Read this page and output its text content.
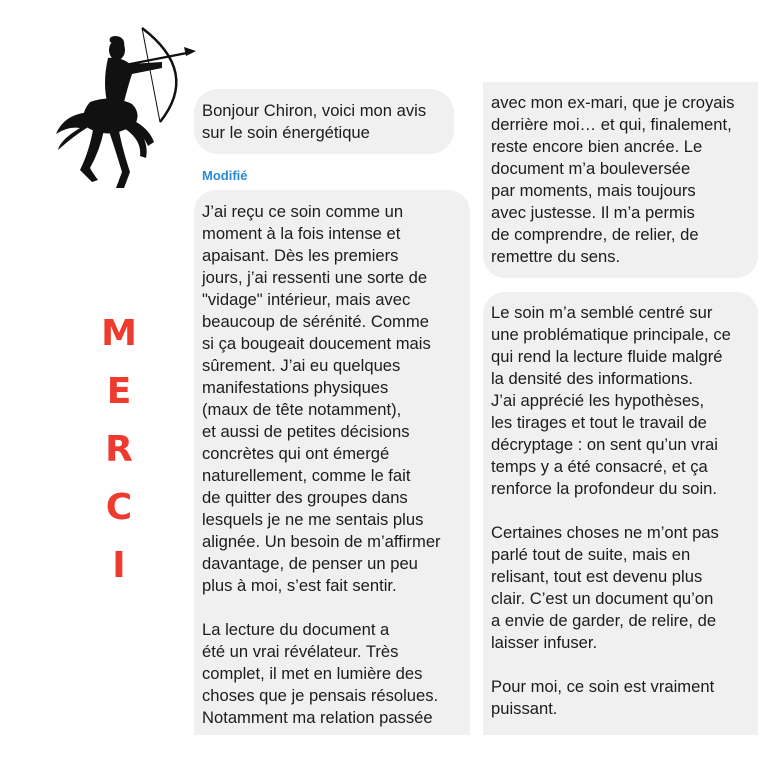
M
E
R
C
I

Bonjour Chiron, voici mon avis
sur le soin énergétique

Modifié

J’ai reçu ce soin comme un
moment à la fois intense et
apaisant. Dès les premiers
jours, j’ai ressenti une sorte de
"vidage" intérieur, mais avec
beaucoup de sérénité. Comme
si ça bougeait doucement mais
sûrement. J’ai eu quelques
manifestations physiques
(maux de tête notamment),
et aussi de petites décisions
concrètes qui ont émergé
naturellement, comme le fait
de quitter des groupes dans
lesquels je ne me sentais plus
alignée. Un besoin de m’affirmer
davantage, de penser un peu
plus à moi, s’est fait sentir.

La lecture du document a
été un vrai révélateur. Très
complet, il met en lumière des
choses que je pensais résolues.
Notamment ma relation passée

avec mon ex-mari, que je croyais
derrière moi… et qui, finalement,
reste encore bien ancrée. Le
document m’a bouleversée
par moments, mais toujours
avec justesse. Il m’a permis
de comprendre, de relier, de
remettre du sens.

Le soin m’a semblé centré sur
une problématique principale, ce
qui rend la lecture fluide malgré
la densité des informations.
J’ai apprécié les hypothèses,
les tirages et tout le travail de
décryptage : on sent qu’un vrai
temps y a été consacré, et ça
renforce la profondeur du soin.

Certaines choses ne m’ont pas
parlé tout de suite, mais en
relisant, tout est devenu plus
clair. C’est un document qu’on
a envie de garder, de relire, de
laisser infuser.

Pour moi, ce soin est vraiment
puissant.
